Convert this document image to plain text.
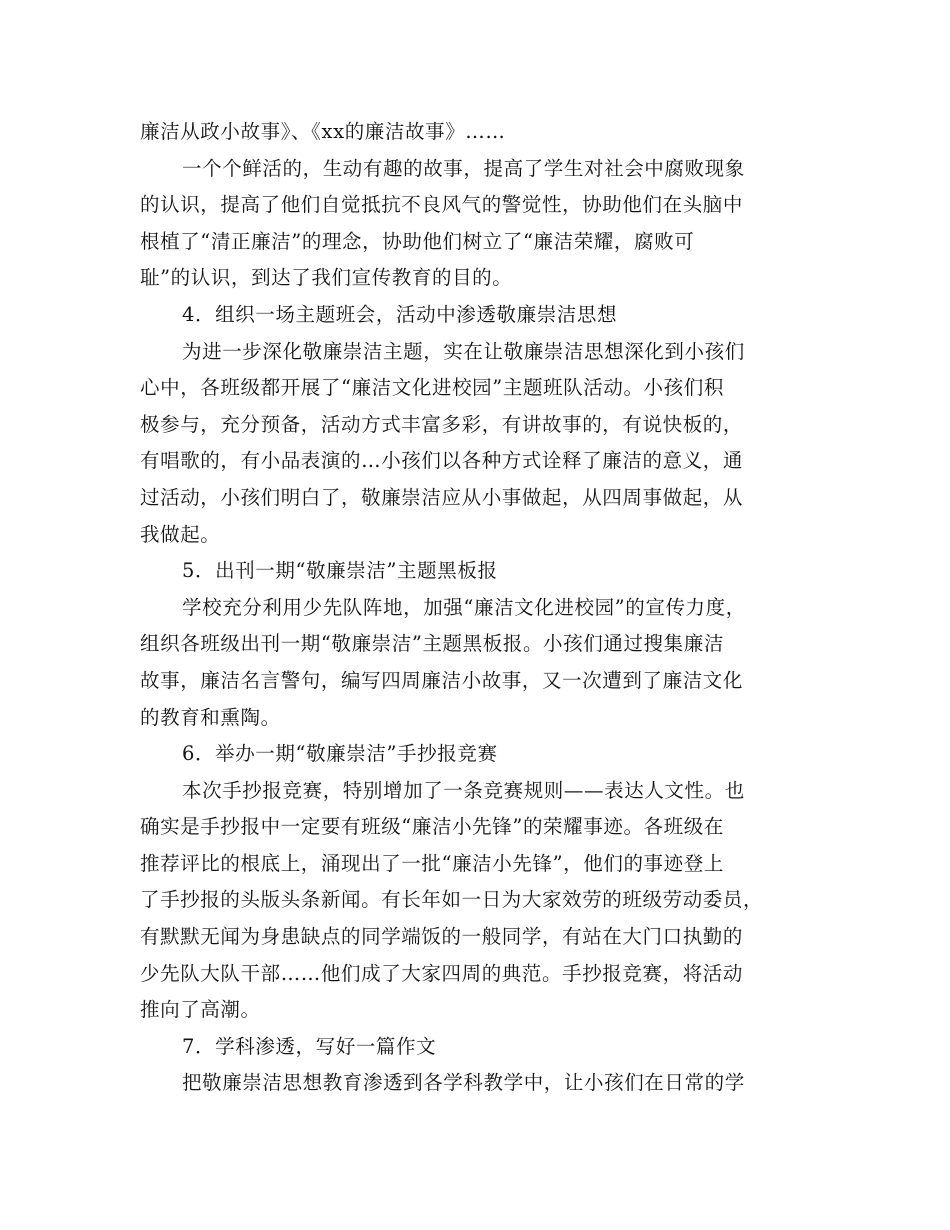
廉洁从政小故事》、《xx的廉洁故事》……
一个个鲜活的，生动有趣的故事，提高了学生对社会中腐败现象
的认识，提高了他们自觉抵抗不良风气的警觉性，协助他们在头脑中
根植了“清正廉洁”的理念，协助他们树立了“廉洁荣耀，腐败可
耻”的认识，到达了我们宣传教育的目的。
4．组织一场主题班会，活动中渗透敬廉崇洁思想
为进一步深化敬廉崇洁主题，实在让敬廉崇洁思想深化到小孩们
心中，各班级都开展了“廉洁文化进校园”主题班队活动。小孩们积
极参与，充分预备，活动方式丰富多彩，有讲故事的，有说快板的，
有唱歌的，有小品表演的…小孩们以各种方式诠释了廉洁的意义，通
过活动，小孩们明白了，敬廉崇洁应从小事做起，从四周事做起，从
我做起。
5．出刊一期“敬廉崇洁”主题黑板报
学校充分利用少先队阵地，加强“廉洁文化进校园”的宣传力度，
组织各班级出刊一期“敬廉崇洁”主题黑板报。小孩们通过搜集廉洁
故事，廉洁名言警句，编写四周廉洁小故事，又一次遭到了廉洁文化
的教育和熏陶。
6．举办一期“敬廉崇洁”手抄报竞赛
本次手抄报竞赛，特别增加了一条竞赛规则——表达人文性。也
确实是手抄报中一定要有班级“廉洁小先锋”的荣耀事迹。各班级在
推荐评比的根底上，涌现出了一批“廉洁小先锋”，他们的事迹登上
了手抄报的头版头条新闻。有长年如一日为大家效劳的班级劳动委员，
有默默无闻为身患缺点的同学端饭的一般同学，有站在大门口执勤的
少先队大队干部……他们成了大家四周的典范。手抄报竞赛，将活动
推向了高潮。
7．学科渗透，写好一篇作文
把敬廉崇洁思想教育渗透到各学科教学中，让小孩们在日常的学
